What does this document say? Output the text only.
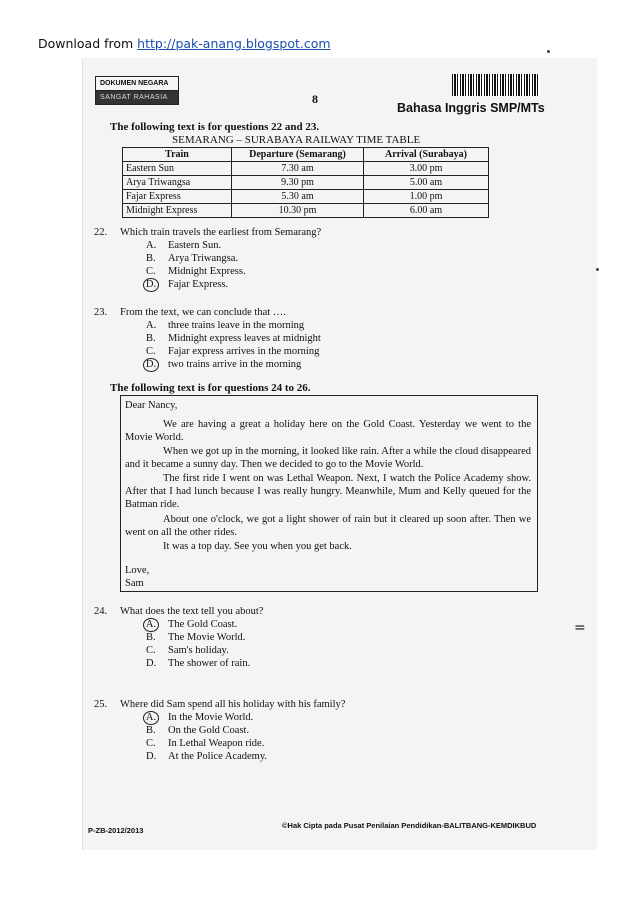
Download from http://pak-anang.blogspot.com
DOKUMEN NEGARA
SANGAT RAHASIA	8
Bahasa Inggris SMP/MTs
The following text is for questions 22 and 23.
SEMARANG – SURABAYA RAILWAY TIME TABLE
Train	Departure (Semarang)	Arrival (Surabaya)
Eastern Sun	7.30 am	3.00 pm
Arya Triwangsa	9.30 pm	5.00 am
Fajar Express	5.30 am	1.00 pm
Midnight Express	10.30 pm	6.00 am
22. Which train travels the earliest from Semarang?
A. Eastern Sun.
B. Arya Triwangsa.
C. Midnight Express.
D. Fajar Express.
23. From the text, we can conclude that ….
A. three trains leave in the morning
B. Midnight express leaves at midnight
C. Fajar express arrives in the morning
D. two trains arrive in the morning
The following text is for questions 24 to 26.
Dear Nancy,
We are having a great a holiday here on the Gold Coast. Yesterday we went to the Movie World.
When we got up in the morning, it looked like rain. After a while the cloud disappeared and it became a sunny day. Then we decided to go to the Movie World.
The first ride I went on was Lethal Weapon. Next, I watch the Police Academy show. After that I had lunch because I was really hungry. Meanwhile, Mum and Kelly queued for the Batman ride.
About one o'clock, we got a light shower of rain but it cleared up soon after. Then we went on all the other rides.
It was a top day. See you when you get back.
Love,
Sam
24. What does the text tell you about?
A. The Gold Coast.
B. The Movie World.
C. Sam's holiday.
D. The shower of rain.
25. Where did Sam spend all his holiday with his family?
A. In the Movie World.
B. On the Gold Coast.
C. In Lethal Weapon ride.
D. At the Police Academy.
P-ZB-2012/2013
©Hak Cipta pada Pusat Penilaian Pendidikan-BALITBANG-KEMDIKBUD
=
